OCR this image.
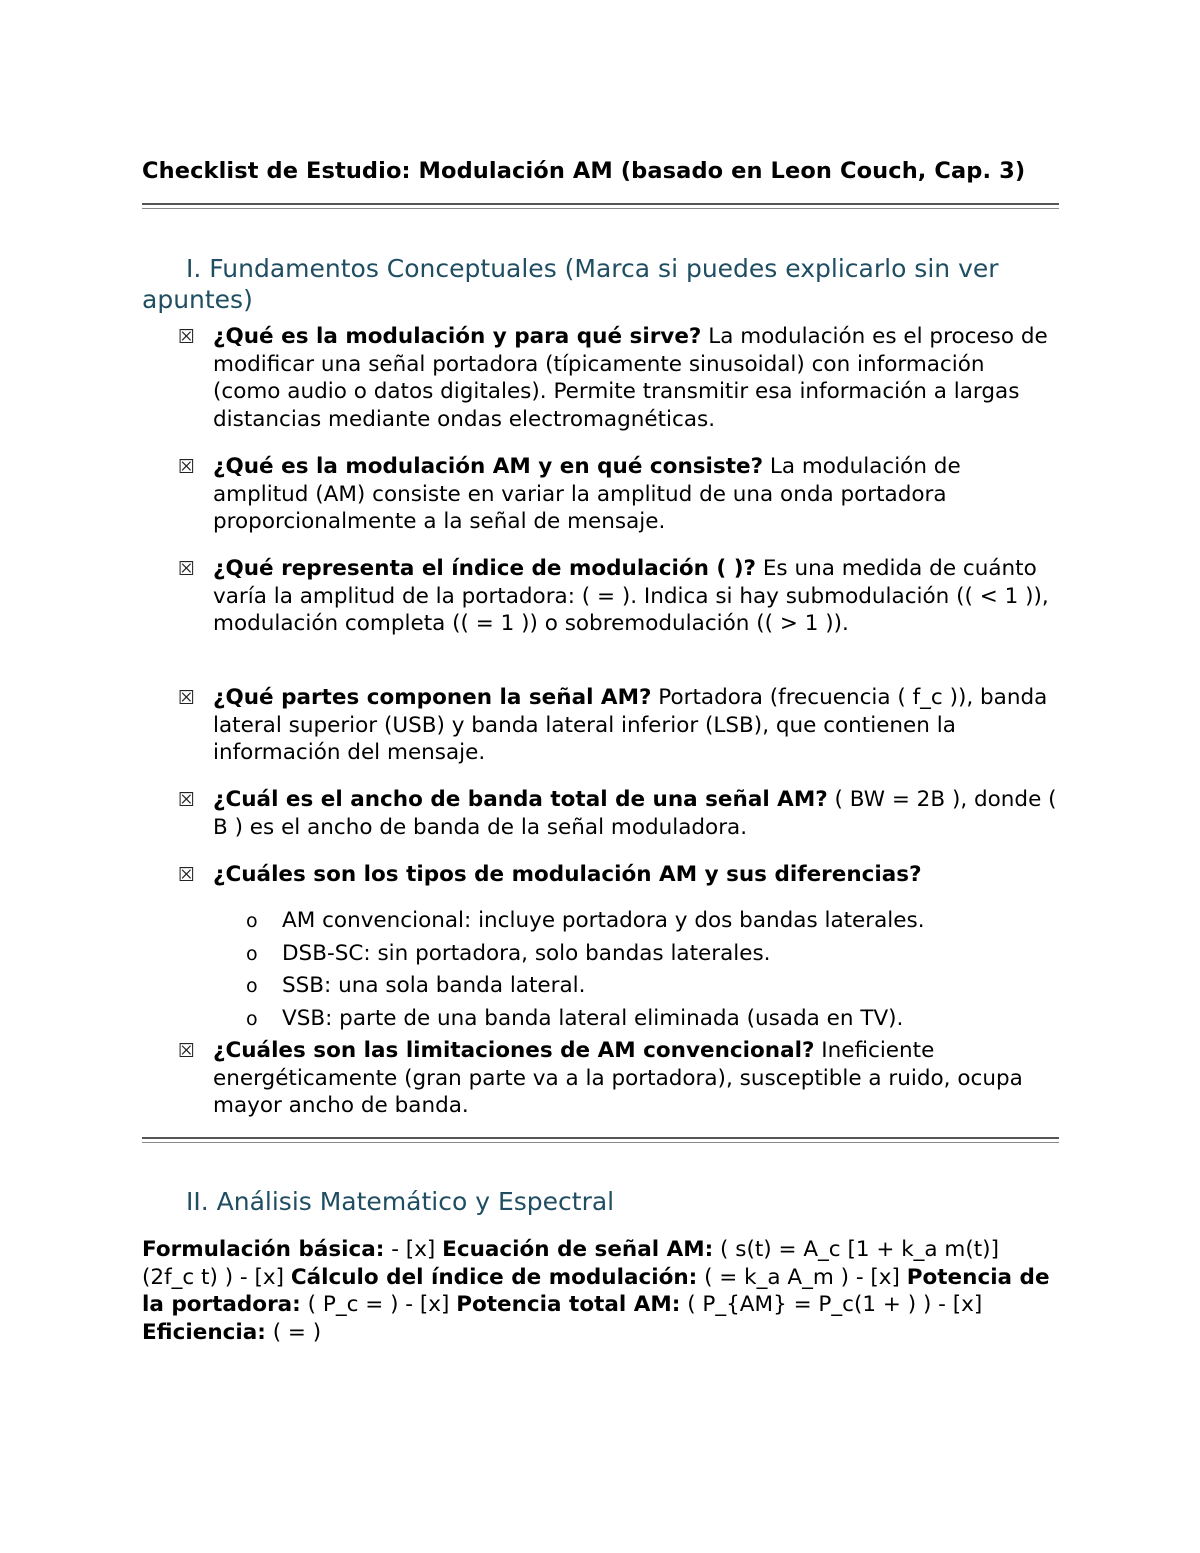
Checklist de Estudio: Modulación AM (basado en Leon Couch, Cap. 3)
I. Fundamentos Conceptuales (Marca si puedes explicarlo sin ver apuntes)
☒ ¿Qué es la modulación y para qué sirve? La modulación es el proceso de modificar una señal portadora (típicamente sinusoidal) con información (como audio o datos digitales). Permite transmitir esa información a largas distancias mediante ondas electromagnéticas.
☒ ¿Qué es la modulación AM y en qué consiste? La modulación de amplitud (AM) consiste en variar la amplitud de una onda portadora proporcionalmente a la señal de mensaje.
☒ ¿Qué representa el índice de modulación ( )? Es una medida de cuánto varía la amplitud de la portadora: ( = ). Indica si hay submodulación (( < 1 )), modulación completa (( = 1 )) o sobremodulación (( > 1 )).
☒ ¿Qué partes componen la señal AM? Portadora (frecuencia ( f_c )), banda lateral superior (USB) y banda lateral inferior (LSB), que contienen la información del mensaje.
☒ ¿Cuál es el ancho de banda total de una señal AM? ( BW = 2B ), donde ( B ) es el ancho de banda de la señal moduladora.
☒ ¿Cuáles son los tipos de modulación AM y sus diferencias?
o AM convencional: incluye portadora y dos bandas laterales.
o DSB-SC: sin portadora, solo bandas laterales.
o SSB: una sola banda lateral.
o VSB: parte de una banda lateral eliminada (usada en TV).
☒ ¿Cuáles son las limitaciones de AM convencional? Ineficiente energéticamente (gran parte va a la portadora), susceptible a ruido, ocupa mayor ancho de banda.
II. Análisis Matemático y Espectral
Formulación básica: - [x] Ecuación de señal AM: ( s(t) = A_c [1 + k_a m(t)] (2f_c t) ) - [x] Cálculo del índice de modulación: ( = k_a A_m ) - [x] Potencia de la portadora: ( P_c = ) - [x] Potencia total AM: ( P_{AM} = P_c(1 + ) ) - [x] Eficiencia: ( = )
